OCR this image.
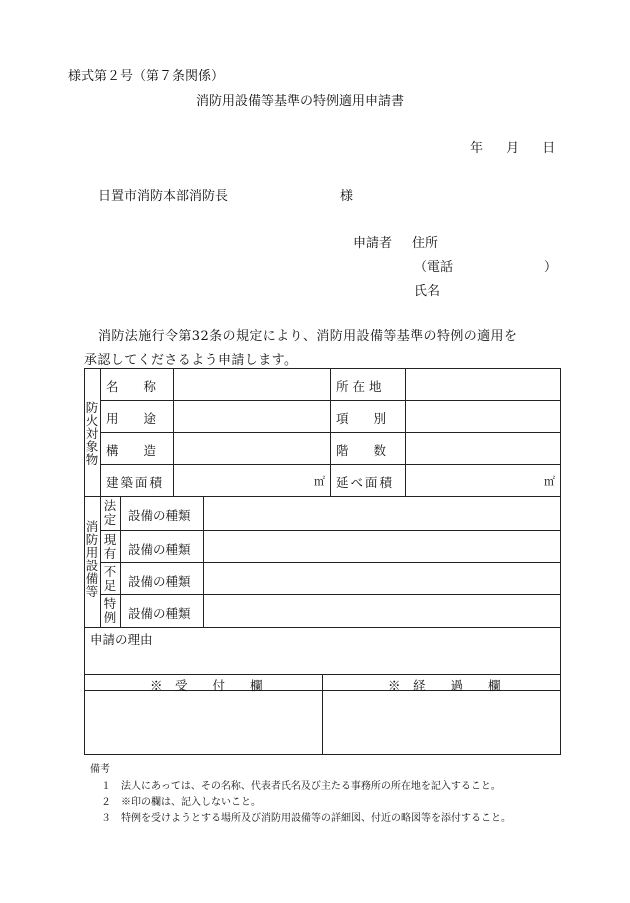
様式第２号（第７条関係）
消防用設備等基準の特例適用申請書
年　 月　 日
日置市消防本部消防長	様
申請者 住所
（電話	）
氏名
消防法施行令第32条の規定により、消防用設備等基準の特例の適用を
承認してくださるよう申請します。
防火対象物
名　　称	所 在 地
用　　途	項　　別
構　　造	階　　数
建築面積	㎡ 延べ面積	㎡
消防用設備等
法定 設備の種類
現有 設備の種類
不足 設備の種類
特例 設備の種類
申請の理由
※　受　　付　　欄	※　経　　過　　欄
備考
１　法人にあっては、その名称、代表者氏名及び主たる事務所の所在地を記入すること。
２　※印の欄は、記入しないこと。
３　特例を受けようとする場所及び消防用設備等の詳細図、付近の略図等を添付すること。
